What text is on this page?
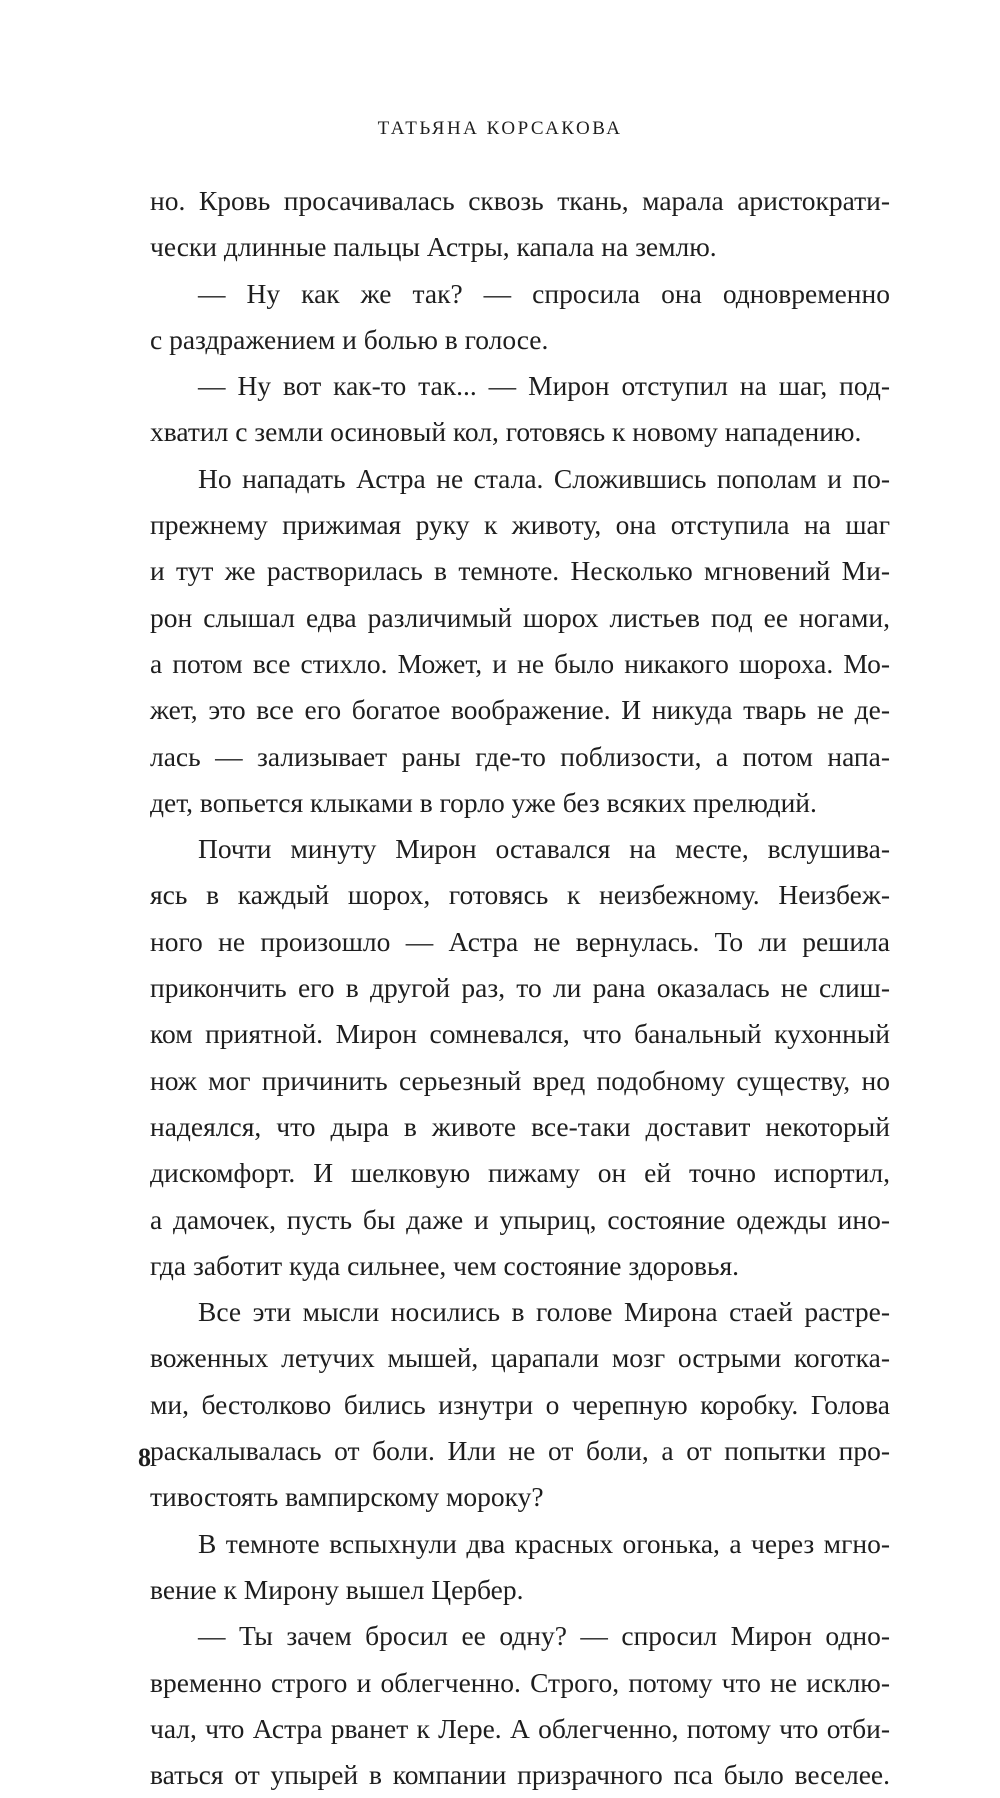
ТАТЬЯНА КОРСАКОВА
но. Кровь просачивалась сквозь ткань, марала аристократи-
чески длинные пальцы Астры, капала на землю.
— Ну как же так? — спросила она одновременно
с раздражением и болью в голосе.
— Ну вот как-то так... — Мирон отступил на шаг, под-
хватил с земли осиновый кол, готовясь к новому нападению.
Но нападать Астра не стала. Сложившись пополам и по-
прежнему прижимая руку к животу, она отступила на шаг
и тут же растворилась в темноте. Несколько мгновений Ми-
рон слышал едва различимый шорох листьев под ее ногами,
а потом все стихло. Может, и не было никакого шороха. Мо-
жет, это все его богатое воображение. И никуда тварь не де-
лась — зализывает раны где-то поблизости, а потом напа-
дет, вопьется клыками в горло уже без всяких прелюдий.
Почти минуту Мирон оставался на месте, вслушива-
ясь в каждый шорох, готовясь к неизбежному. Неизбеж-
ного не произошло — Астра не вернулась. То ли решила
прикончить его в другой раз, то ли рана оказалась не слиш-
ком приятной. Мирон сомневался, что банальный кухонный
нож мог причинить серьезный вред подобному существу, но
надеялся, что дыра в животе все-таки доставит некоторый
дискомфорт. И шелковую пижаму он ей точно испортил,
а дамочек, пусть бы даже и упыриц, состояние одежды ино-
гда заботит куда сильнее, чем состояние здоровья.
Все эти мысли носились в голове Мирона стаей растре-
воженных летучих мышей, царапали мозг острыми коготка-
ми, бестолково бились изнутри о черепную коробку. Голова
раскалывалась от боли. Или не от боли, а от попытки про-
тивостоять вампирскому мороку?
В темноте вспыхнули два красных огонька, а через мгно-
вение к Мирону вышел Цербер.
— Ты зачем бросил ее одну? — спросил Мирон одно-
временно строго и облегченно. Строго, потому что не исклю-
чал, что Астра рванет к Лере. А облегченно, потому что отби-
ваться от упырей в компании призрачного пса было веселее.
8
